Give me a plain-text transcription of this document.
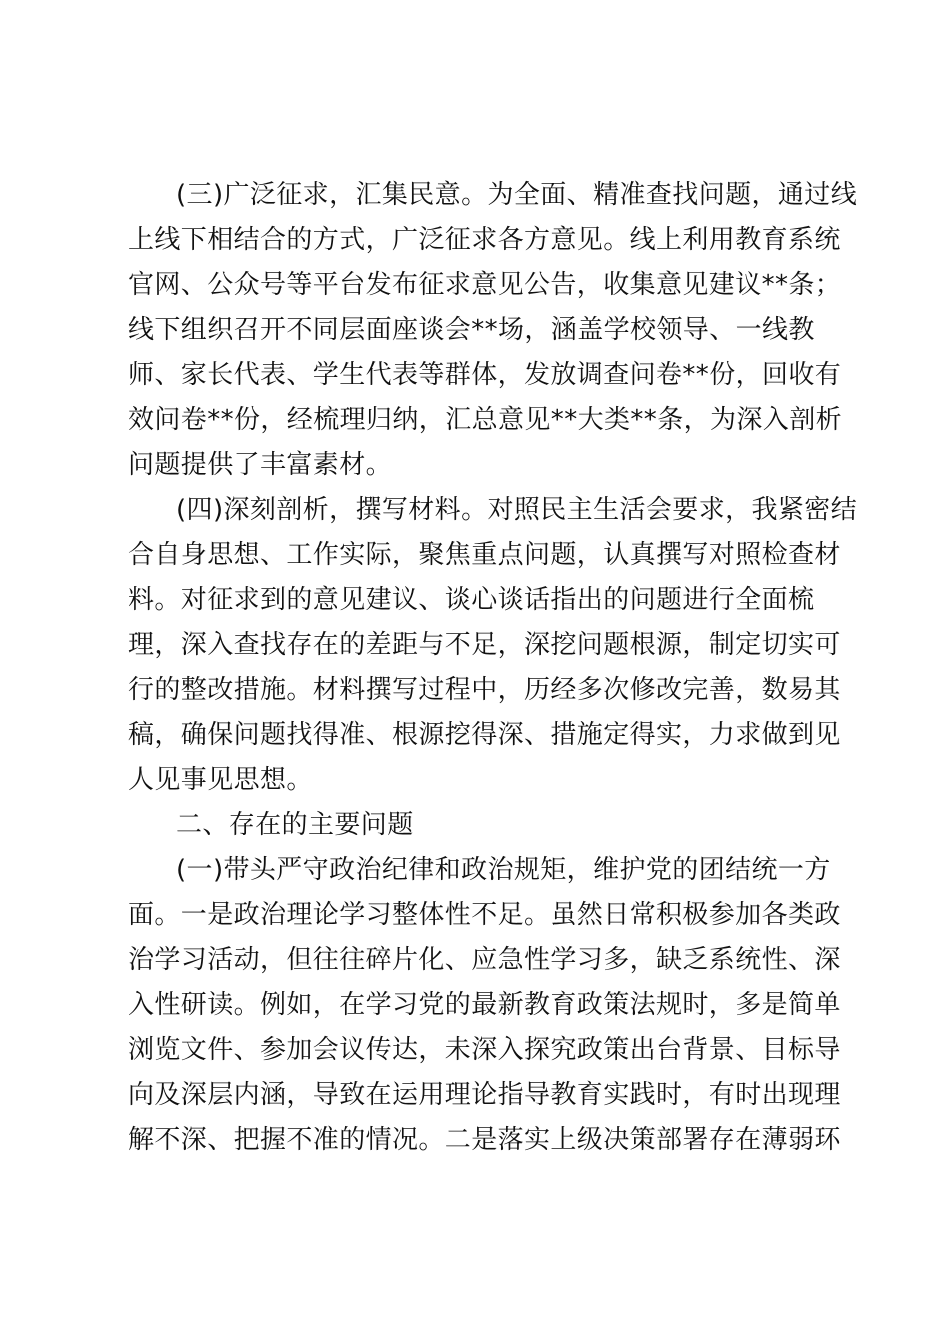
(三)广泛征求，汇集民意。为全面、精准查找问题，通过线
上线下相结合的方式，广泛征求各方意见。线上利用教育系统
官网、公众号等平台发布征求意见公告，收集意见建议**条；
线下组织召开不同层面座谈会**场，涵盖学校领导、一线教
师、家长代表、学生代表等群体，发放调查问卷**份，回收有
效问卷**份，经梳理归纳，汇总意见**大类**条，为深入剖析
问题提供了丰富素材。
(四)深刻剖析，撰写材料。对照民主生活会要求，我紧密结
合自身思想、工作实际，聚焦重点问题，认真撰写对照检查材
料。对征求到的意见建议、谈心谈话指出的问题进行全面梳
理，深入查找存在的差距与不足，深挖问题根源，制定切实可
行的整改措施。材料撰写过程中，历经多次修改完善，数易其
稿，确保问题找得准、根源挖得深、措施定得实，力求做到见
人见事见思想。
二、存在的主要问题
(一)带头严守政治纪律和政治规矩，维护党的团结统一方
面。一是政治理论学习整体性不足。虽然日常积极参加各类政
治学习活动，但往往碎片化、应急性学习多，缺乏系统性、深
入性研读。例如，在学习党的最新教育政策法规时，多是简单
浏览文件、参加会议传达，未深入探究政策出台背景、目标导
向及深层内涵，导致在运用理论指导教育实践时，有时出现理
解不深、把握不准的情况。二是落实上级决策部署存在薄弱环
